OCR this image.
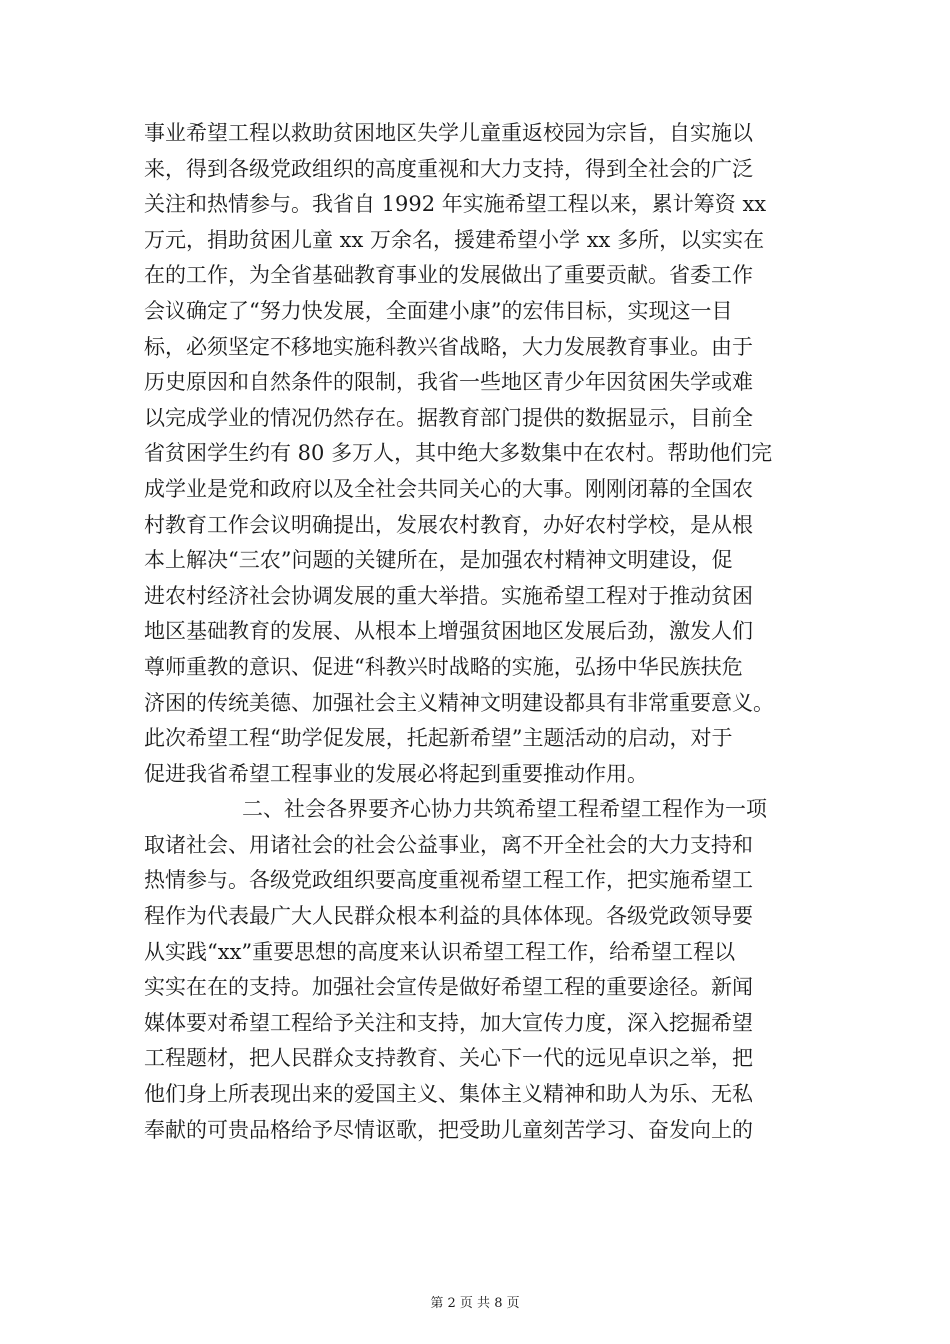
事业希望工程以救助贫困地区失学儿童重返校园为宗旨，自实施以
来，得到各级党政组织的高度重视和大力支持，得到全社会的广泛
关注和热情参与。我省自 1992 年实施希望工程以来，累计筹资 xx
万元，捐助贫困儿童 xx 万余名，援建希望小学 xx 多所，以实实在
在的工作，为全省基础教育事业的发展做出了重要贡献。省委工作
会议确定了“努力快发展，全面建小康”的宏伟目标，实现这一目
标，必须坚定不移地实施科教兴省战略，大力发展教育事业。由于
历史原因和自然条件的限制，我省一些地区青少年因贫困失学或难
以完成学业的情况仍然存在。据教育部门提供的数据显示，目前全
省贫困学生约有 80 多万人，其中绝大多数集中在农村。帮助他们完
成学业是党和政府以及全社会共同关心的大事。刚刚闭幕的全国农
村教育工作会议明确提出，发展农村教育，办好农村学校，是从根
本上解决“三农”问题的关键所在，是加强农村精神文明建设，促
进农村经济社会协调发展的重大举措。实施希望工程对于推动贫困
地区基础教育的发展、从根本上增强贫困地区发展后劲，激发人们
尊师重教的意识、促进“科教兴时战略的实施，弘扬中华民族扶危
济困的传统美德、加强社会主义精神文明建设都具有非常重要意义。
此次希望工程“助学促发展，托起新希望”主题活动的启动，对于
促进我省希望工程事业的发展必将起到重要推动作用。
二、社会各界要齐心协力共筑希望工程希望工程作为一项
取诸社会、用诸社会的社会公益事业，离不开全社会的大力支持和
热情参与。各级党政组织要高度重视希望工程工作，把实施希望工
程作为代表最广大人民群众根本利益的具体体现。各级党政领导要
从实践“xx”重要思想的高度来认识希望工程工作，给希望工程以
实实在在的支持。加强社会宣传是做好希望工程的重要途径。新闻
媒体要对希望工程给予关注和支持，加大宣传力度，深入挖掘希望
工程题材，把人民群众支持教育、关心下一代的远见卓识之举，把
他们身上所表现出来的爱国主义、集体主义精神和助人为乐、无私
奉献的可贵品格给予尽情讴歌，把受助儿童刻苦学习、奋发向上的
第 2 页 共 8 页
